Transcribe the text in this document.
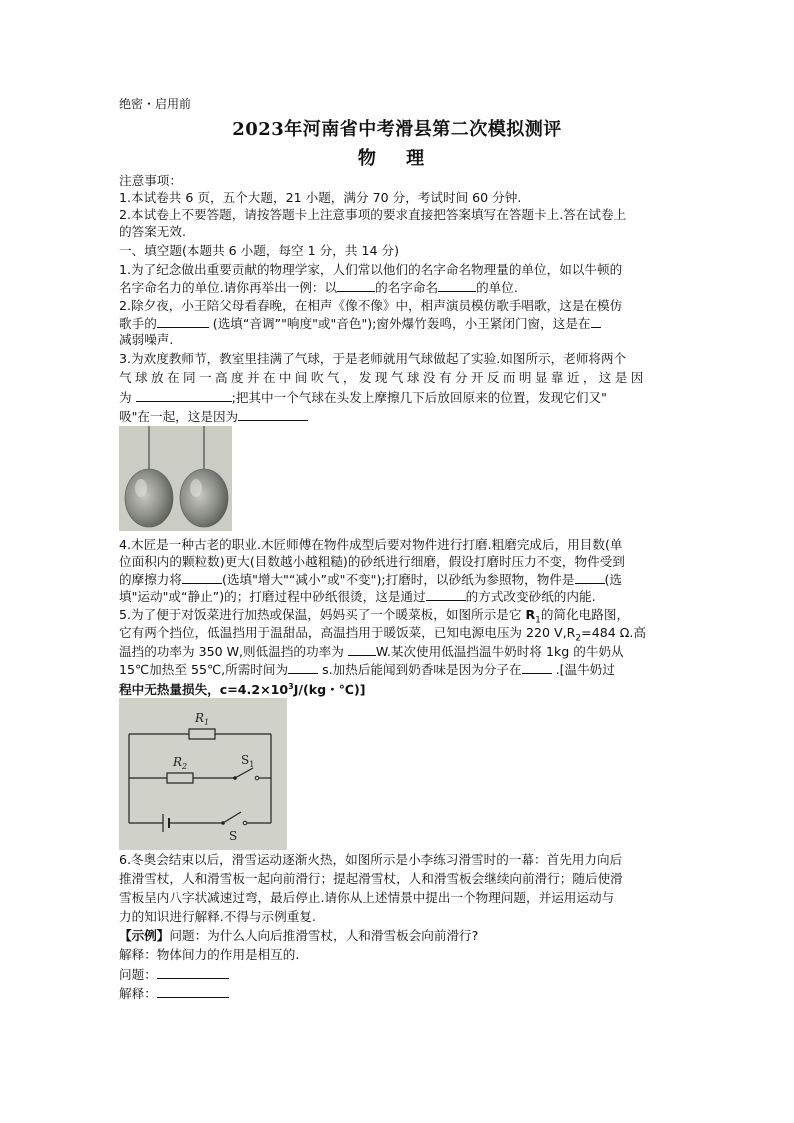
绝密・启用前
2023年河南省中考滑县第二次模拟测评
物 理
注意事项：
1.本试卷共 6 页，五个大题，21 小题，满分 70 分，考试时间 60 分钟.
2.本试卷上不要答题，请按答题卡上注意事项的要求直接把答案填写在答题卡上.答在试卷上
的答案无效.
一、填空题(本题共 6 小题，每空 1 分，共 14 分)
1.为了纪念做出重要贡献的物理学家，人们常以他们的名字命名物理量的单位，如以牛顿的
名字命名力的单位.请你再举出一例：以	的名字命名	的单位.
2.除夕夜，小王陪父母看春晚，在相声《像不像》中，相声演员模仿歌手唱歌，这是在模仿
歌手的	(选填“音调”"响度"或"音色");窗外爆竹轰鸣，小王紧闭门窗，这是在
减弱噪声.
3.为欢度教师节，教室里挂满了气球，于是老师就用气球做起了实验.如图所示，老师将两个
气球放在同一高度并在中间吹气，发现气球没有分开反而明显靠近，这是因
为	;把其中一个气球在头发上摩擦几下后放回原来的位置，发现它们又"
吸"在一起，这是因为
4.木匠是一种古老的职业.木匠师傅在物件成型后要对物件进行打磨.粗磨完成后，用目数(单
位面积内的颗粒数)更大(目数越小越粗糙)的砂纸进行细磨，假设打磨时压力不变，物件受到
的摩擦力将	(选填"增大"“减小”或"不变");打磨时，以砂纸为参照物，物件是 (选
填"运动"或“静止”)的；打磨过程中砂纸很烫，这是通过	的方式改变砂纸的内能.
5.为了便于对饭菜进行加热或保温，妈妈买了一个暖菜板，如图所示是它 $R_1$的简化电路图，
它有两个挡位，低温挡用于温甜品，高温挡用于暖饭菜，已知电源电压为 220 $V,R_2=484$ Ω.高
温挡的功率为 350 W,则低温挡的功率为 W.某次使用低温挡温牛奶时将 1kg 的牛奶从
15℃加热至 55℃,所需时间为 s.加热后能闻到奶香味是因为分子在 .[温牛奶过
程中无热量损失，$c=4.2\times 10^3J/(kg$・℃)]
$R_1$
$R_2$	$S_1$
S
6.冬奥会结束以后，滑雪运动逐渐火热，如图所示是小李练习滑雪时的一幕：首先用力向后
推滑雪杖，人和滑雪板一起向前滑行；提起滑雪杖，人和滑雪板会继续向前滑行；随后使滑
雪板呈内八字状减速过弯，最后停止.请你从上述情景中提出一个物理问题，并运用运动与
力的知识进行解释.不得与示例重复.
【示例】问题：为什么人向后推滑雪杖，人和滑雪板会向前滑行?
解释：物体间力的作用是相互的.
问题：
解释：
